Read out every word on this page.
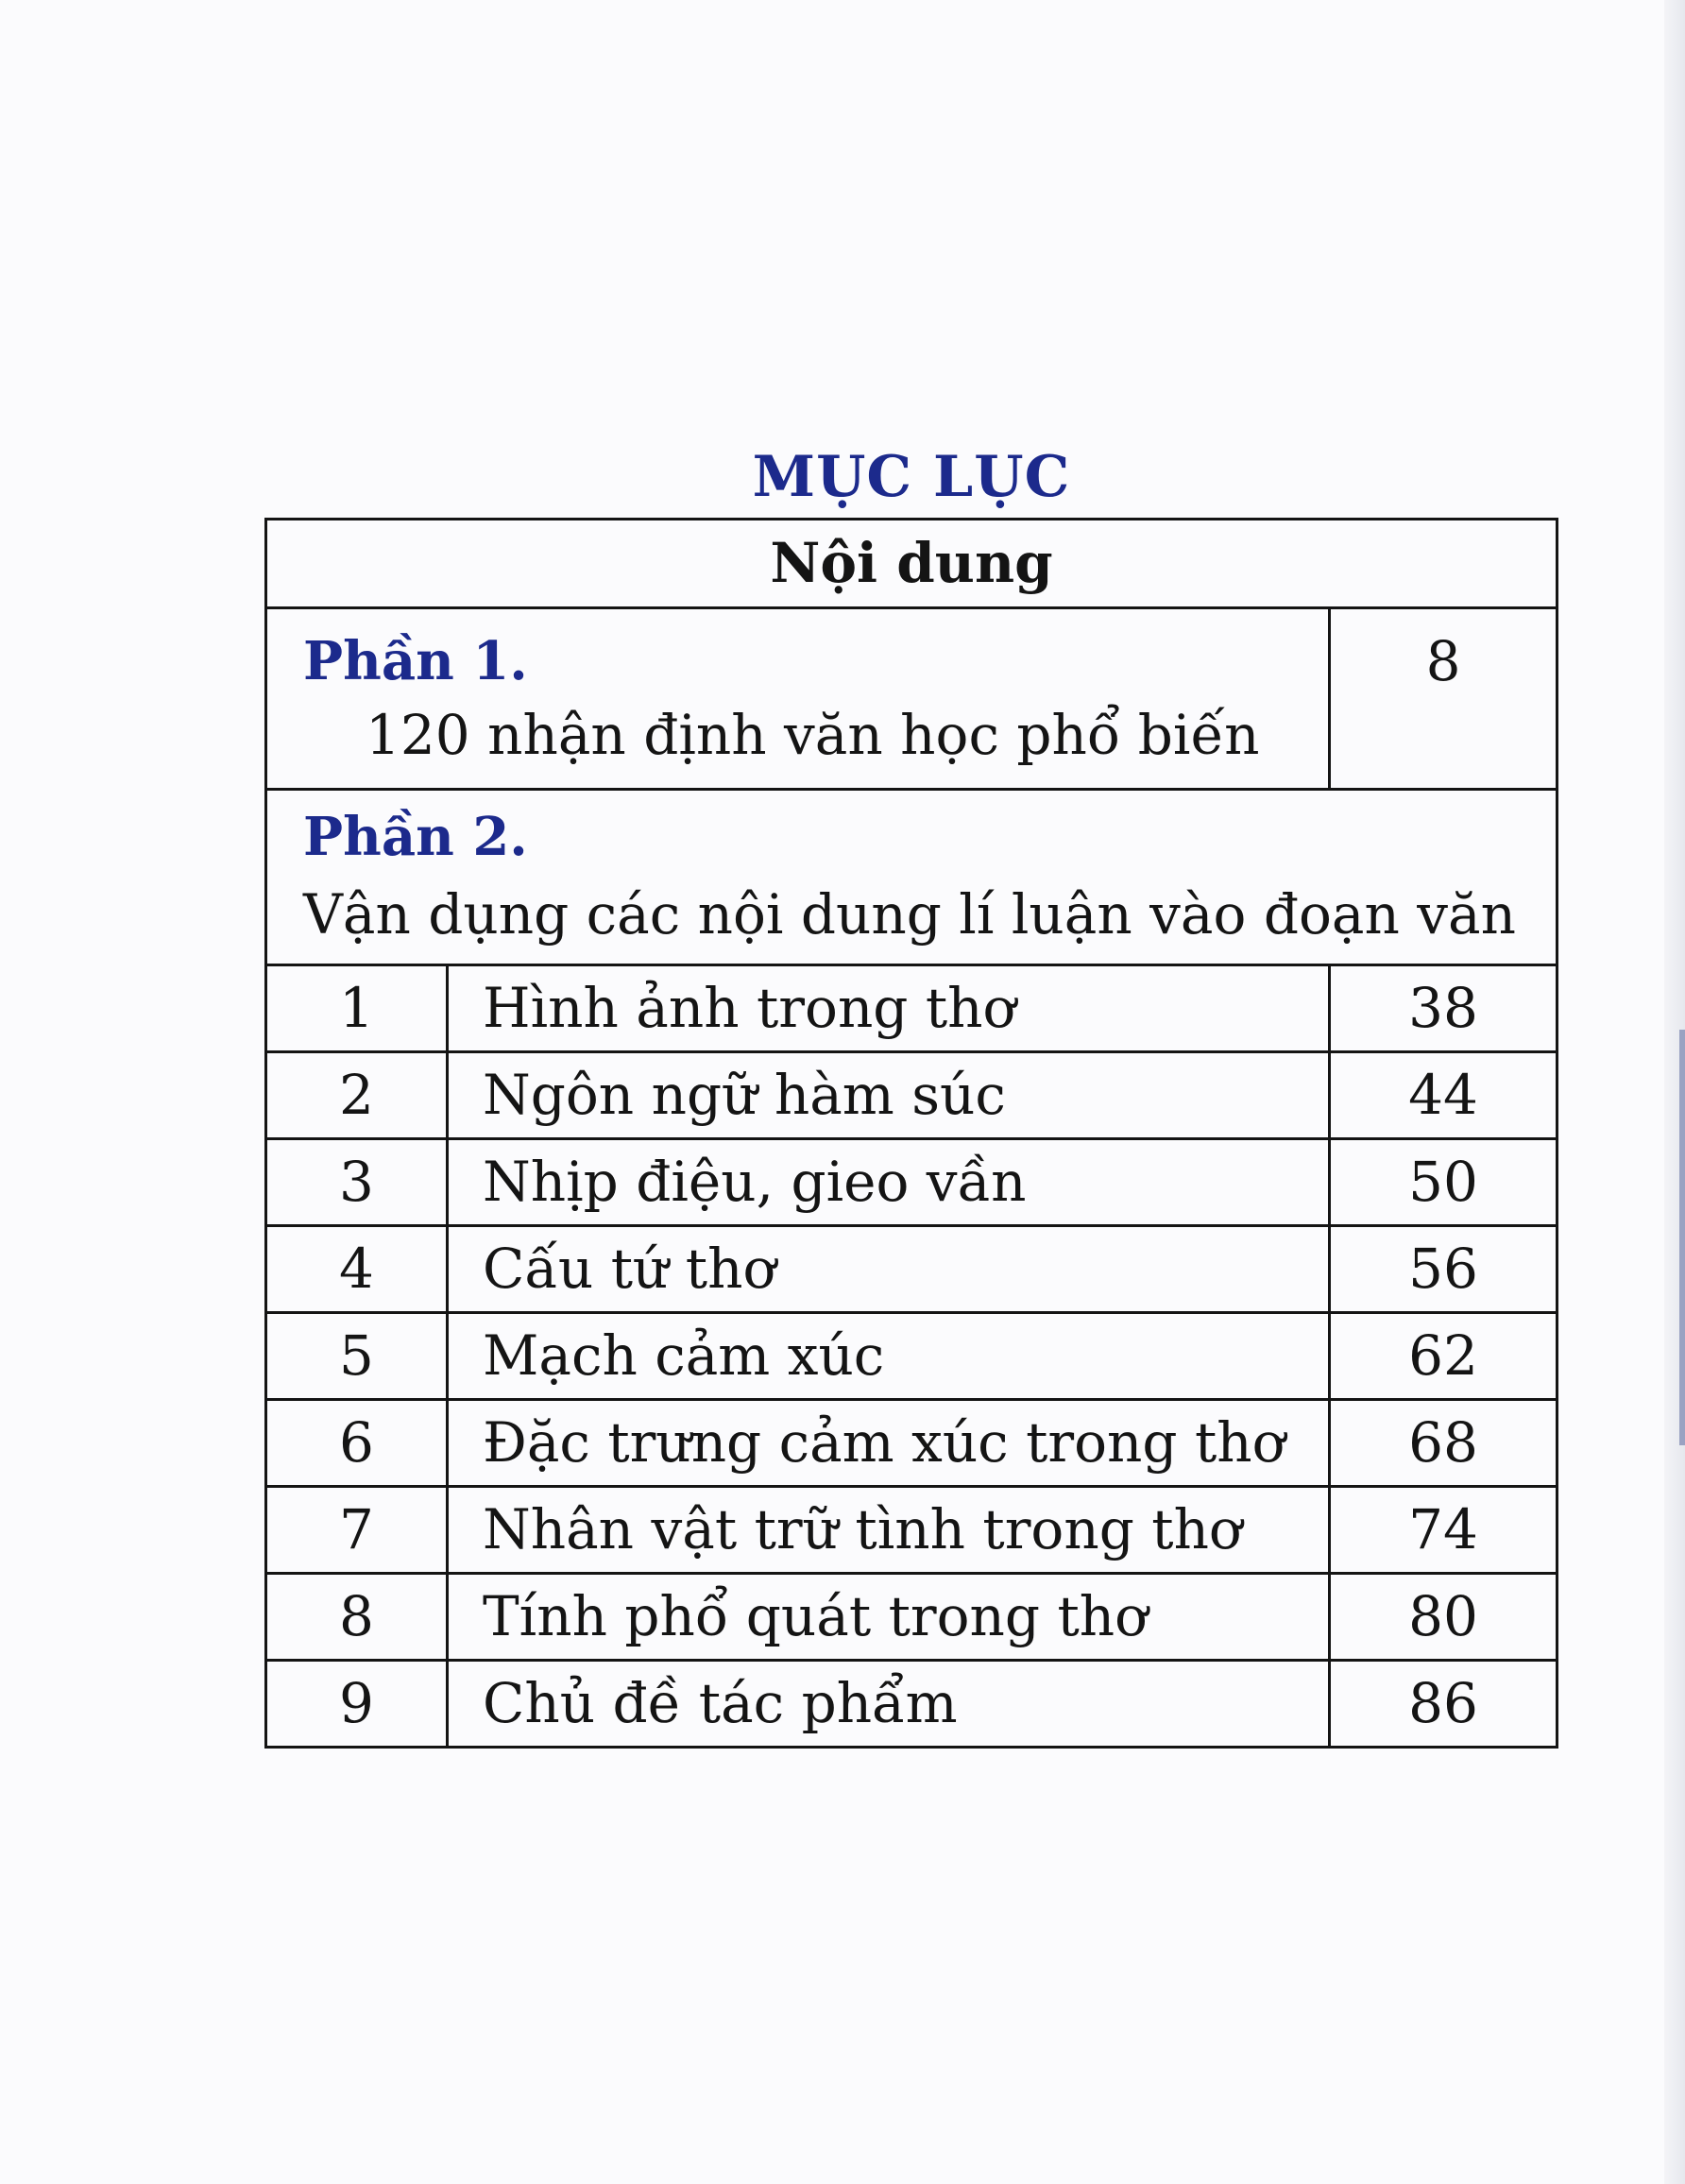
MỤC LỤC
Nội dung		

Phần 1.
120 nhận định văn học phổ biến		8

Phần 2.
Vận dụng các nội dung lí luận vào đoạn văn		

1	Hình ảnh trong thơ	38
2	Ngôn ngữ hàm súc	44
3	Nhịp điệu, gieo vần	50
4	Cấu tứ thơ	56
5	Mạch cảm xúc	62
6	Đặc trưng cảm xúc trong thơ	68
7	Nhân vật trữ tình trong thơ	74
8	Tính phổ quát trong thơ	80
9	Chủ đề tác phẩm	86
